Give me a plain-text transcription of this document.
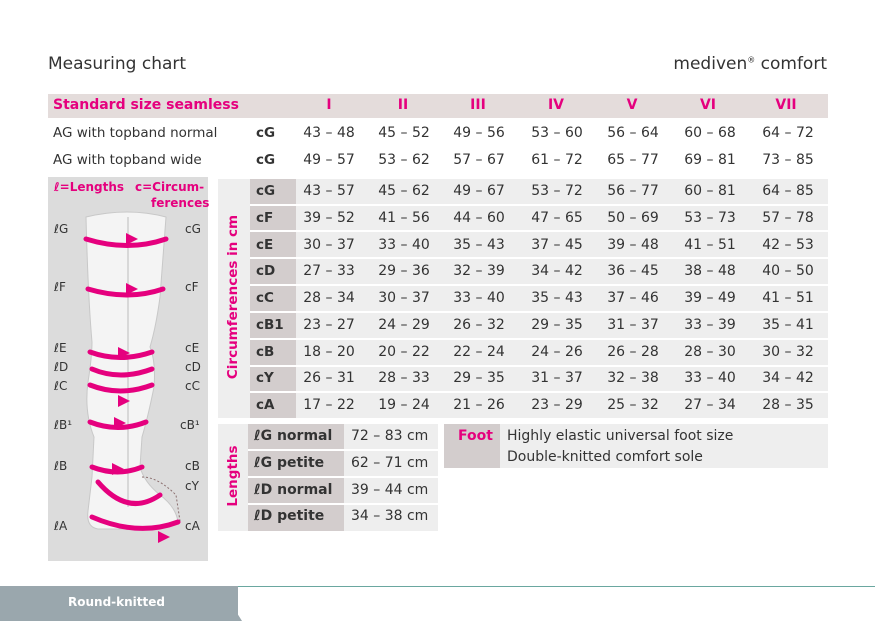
Measuring chart	mediven® comfort
Standard size seamless	I	II	III	IV	V	VI	VII
AG with topband normal	cG	43 – 48	45 – 52	49 – 56	53 – 60	56 – 64	60 – 68	64 – 72
AG with topband wide	cG	49 – 57	53 – 62	57 – 67	61 – 72	65 – 77	69 – 81	73 – 85
Circumferences in cm
cG	43 – 57	45 – 62	49 – 67	53 – 72	56 – 77	60 – 81	64 – 85
cF	39 – 52	41 – 56	44 – 60	47 – 65	50 – 69	53 – 73	57 – 78
cE	30 – 37	33 – 40	35 – 43	37 – 45	39 – 48	41 – 51	42 – 53
cD	27 – 33	29 – 36	32 – 39	34 – 42	36 – 45	38 – 48	40 – 50
cC	28 – 34	30 – 37	33 – 40	35 – 43	37 – 46	39 – 49	41 – 51
cB1	23 – 27	24 – 29	26 – 32	29 – 35	31 – 37	33 – 39	35 – 41
cB	18 – 20	20 – 22	22 – 24	24 – 26	26 – 28	28 – 30	30 – 32
cY	26 – 31	28 – 33	29 – 35	31 – 37	32 – 38	33 – 40	34 – 42
cA	17 – 22	19 – 24	21 – 26	23 – 29	25 – 32	27 – 34	28 – 35
Lengths
ℓG normal 72 – 83 cm
ℓG petite 62 – 71 cm
ℓD normal 39 – 44 cm
ℓD petite 34 – 38 cm
Foot Highly elastic universal foot size
Double-knitted comfort sole
ℓ=Lengths c=Circum-
ferences
ℓG
ℓF
ℓE
ℓD
ℓC
ℓB¹
ℓB
ℓA
cG
cF
cE
cD
cC
cB¹
cB
cY
cA
Round-knitted
